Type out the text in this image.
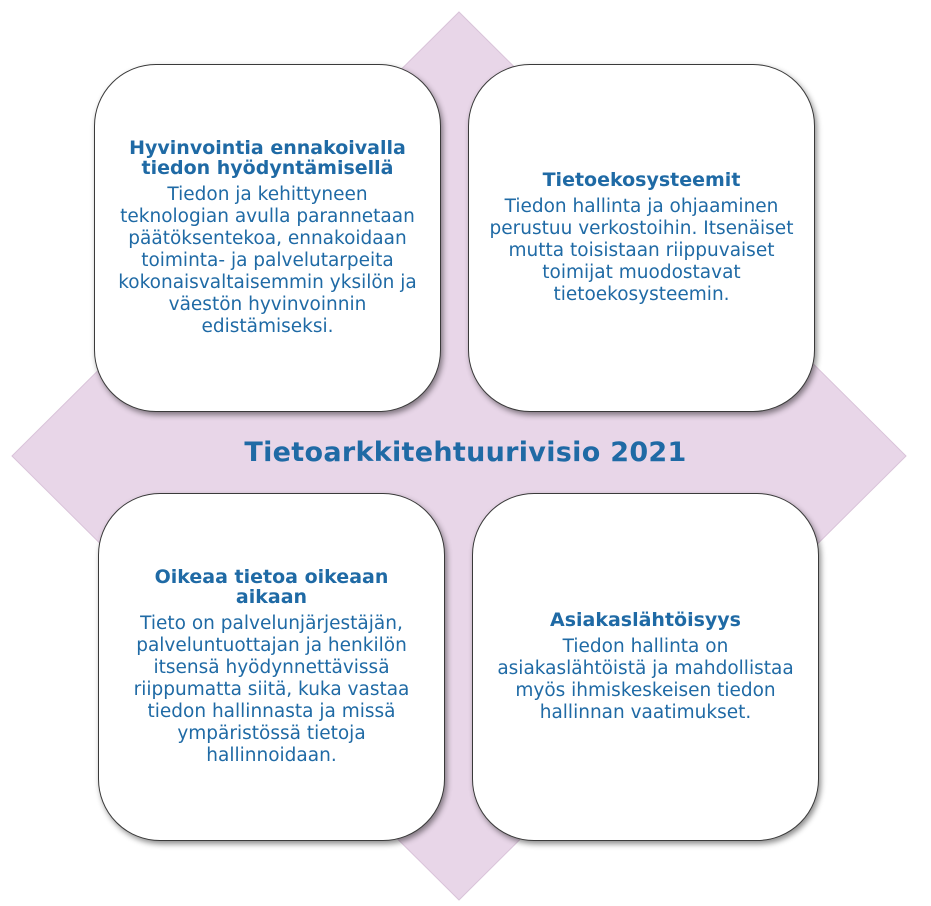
Hyvinvointia ennakoivalla tiedon hyödyntämisellä

Tiedon ja kehittyneen teknologian avulla parannetaan päätöksentekoa, ennakoidaan toiminta- ja palvelutarpeita kokonaisvaltaisemmin yksilön ja väestön hyvinvoinnin edistämiseksi.

Tietoekosysteemit

Tiedon hallinta ja ohjaaminen perustuu verkostoihin. Itsenäiset mutta toisistaan riippuvaiset toimijat muodostavat tietoekosysteemin.

Tietoarkkitehtuurivisio 2021
Oikeaa tietoa oikeaan aikaan

Tieto on palvelunjärjestäjän, palveluntuottajan ja henkilön itsensä hyödynnettävissä riippumatta siitä, kuka vastaa tiedon hallinnasta ja missä ympäristössä tietoja hallinnoidaan.

Asiakaslähtöisyys

Tiedon hallinta on asiakaslähtöistä ja mahdollistaa myös ihmiskeskeisen tiedon hallinnan vaatimukset.
